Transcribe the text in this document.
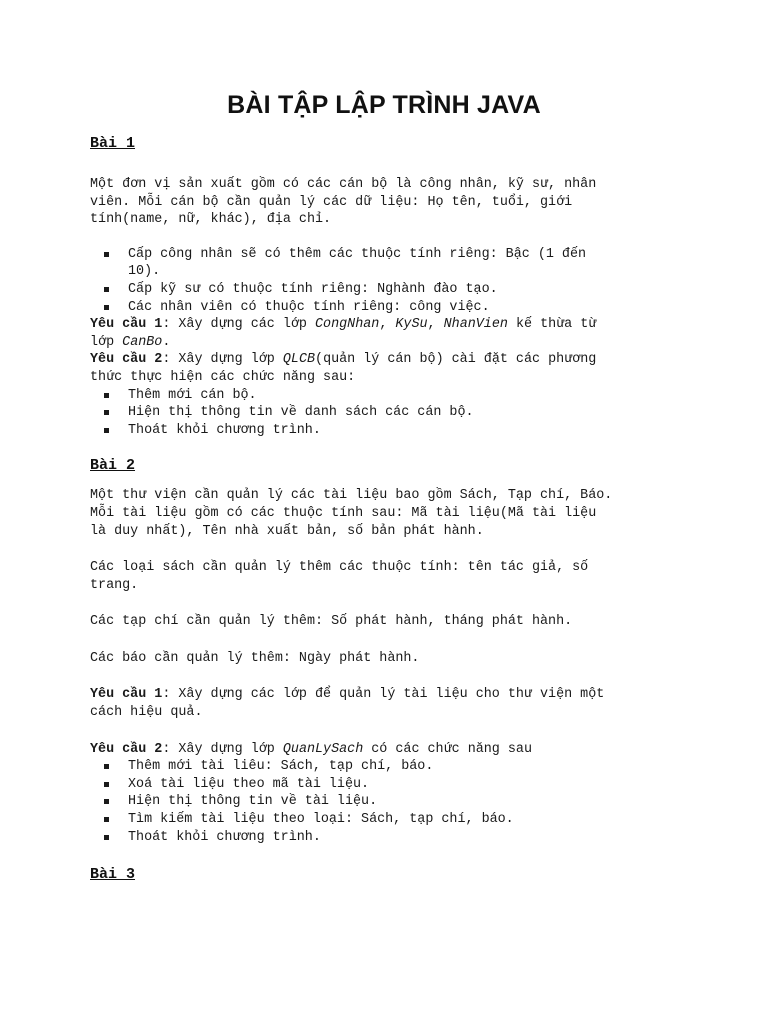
BÀI TẬP LẬP TRÌNH JAVA
Bài 1
Một đơn vị sản xuất gồm có các cán bộ là công nhân, kỹ sư, nhân
viên. Mỗi cán bộ cần quản lý các dữ liệu: Họ tên, tuổi, giới
tính(name, nữ, khác), địa chỉ.
Cấp công nhân sẽ có thêm các thuộc tính riêng: Bậc (1 đến
10).
Cấp kỹ sư có thuộc tính riêng: Nghành đào tạo.
Các nhân viên có thuộc tính riêng: công việc.
Yêu cầu 1: Xây dựng các lớp CongNhan, KySu, NhanVien kế thừa từ
lớp CanBo.
Yêu cầu 2: Xây dựng lớp QLCB(quản lý cán bộ) cài đặt các phương
thức thực hiện các chức năng sau:
Thêm mới cán bộ.
Hiện thị thông tin về danh sách các cán bộ.
Thoát khỏi chương trình.
Bài 2
Một thư viện cần quản lý các tài liệu bao gồm Sách, Tạp chí, Báo.
Mỗi tài liệu gồm có các thuộc tính sau: Mã tài liệu(Mã tài liệu
là duy nhất), Tên nhà xuất bản, số bản phát hành.
Các loại sách cần quản lý thêm các thuộc tính: tên tác giả, số
trang.
Các tạp chí cần quản lý thêm: Số phát hành, tháng phát hành.
Các báo cần quản lý thêm: Ngày phát hành.
Yêu cầu 1: Xây dựng các lớp để quản lý tài liệu cho thư viện một
cách hiệu quả.
Yêu cầu 2: Xây dựng lớp QuanLySach có các chức năng sau
Thêm mới tài liêu: Sách, tạp chí, báo.
Xoá tài liệu theo mã tài liệu.
Hiện thị thông tin về tài liệu.
Tìm kiếm tài liệu theo loại: Sách, tạp chí, báo.
Thoát khỏi chương trình.
Bài 3
